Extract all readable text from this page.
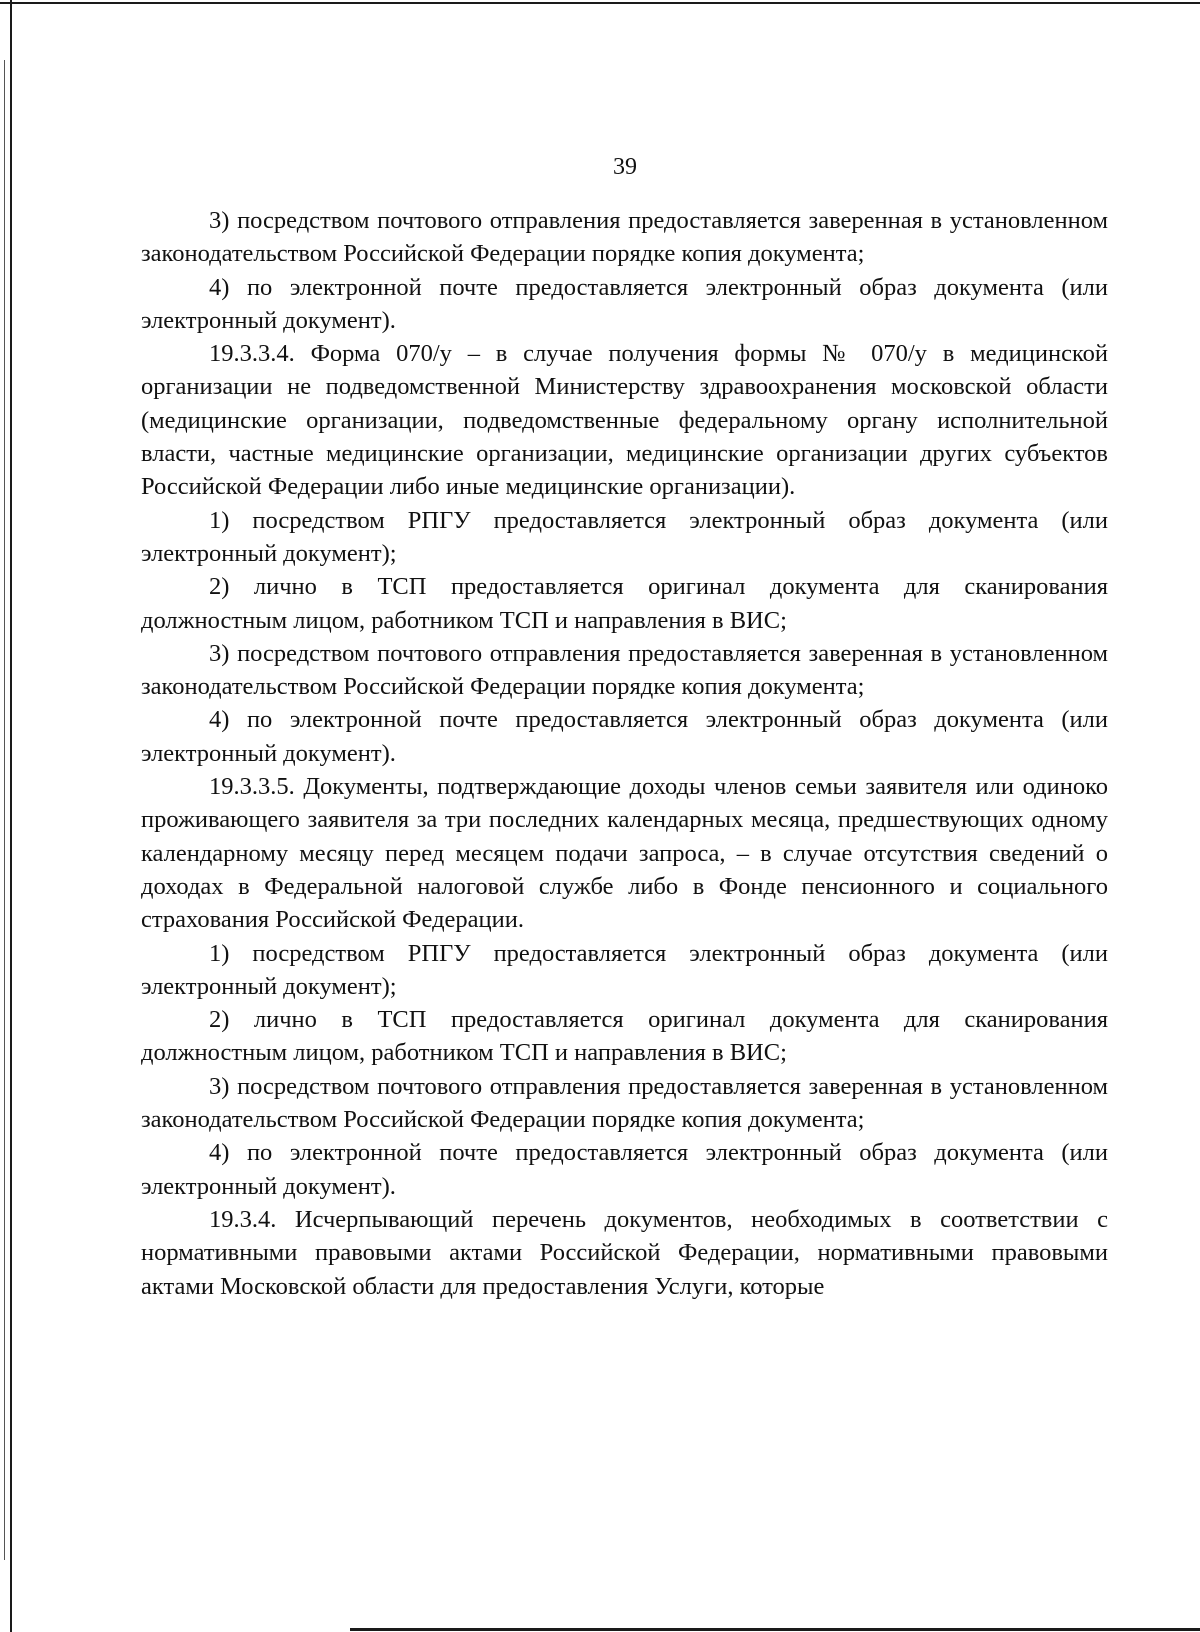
39

3) посредством почтового отправления предоставляется заверенная в установленном законодательством Российской Федерации порядке копия документа;

4) по электронной почте предоставляется электронный образ документа (или электронный документ).

19.3.3.4. Форма 070/у – в случае получения формы № 070/у в медицинской организации не подведомственной Министерству здравоохранения московской области (медицинские организации, подведомственные федеральному органу исполнительной власти, частные медицинские организации, медицинские организации других субъектов Российской Федерации либо иные медицинские организации).

1) посредством РПГУ предоставляется электронный образ документа (или электронный документ);

2) лично в ТСП предоставляется оригинал документа для сканирования должностным лицом, работником ТСП и направления в ВИС;

3) посредством почтового отправления предоставляется заверенная в установленном законодательством Российской Федерации порядке копия документа;

4) по электронной почте предоставляется электронный образ документа (или электронный документ).

19.3.3.5. Документы, подтверждающие доходы членов семьи заявителя или одиноко проживающего заявителя за три последних календарных месяца, предшествующих одному календарному месяцу перед месяцем подачи запроса, – в случае отсутствия сведений о доходах в Федеральной налоговой службе либо в Фонде пенсионного и социального страхования Российской Федерации.

1) посредством РПГУ предоставляется электронный образ документа (или электронный документ);

2) лично в ТСП предоставляется оригинал документа для сканирования должностным лицом, работником ТСП и направления в ВИС;

3) посредством почтового отправления предоставляется заверенная в установленном законодательством Российской Федерации порядке копия документа;

4) по электронной почте предоставляется электронный образ документа (или электронный документ).

19.3.4. Исчерпывающий перечень документов, необходимых в соответствии с нормативными правовыми актами Российской Федерации, нормативными правовыми актами Московской области для предоставления Услуги, которые
